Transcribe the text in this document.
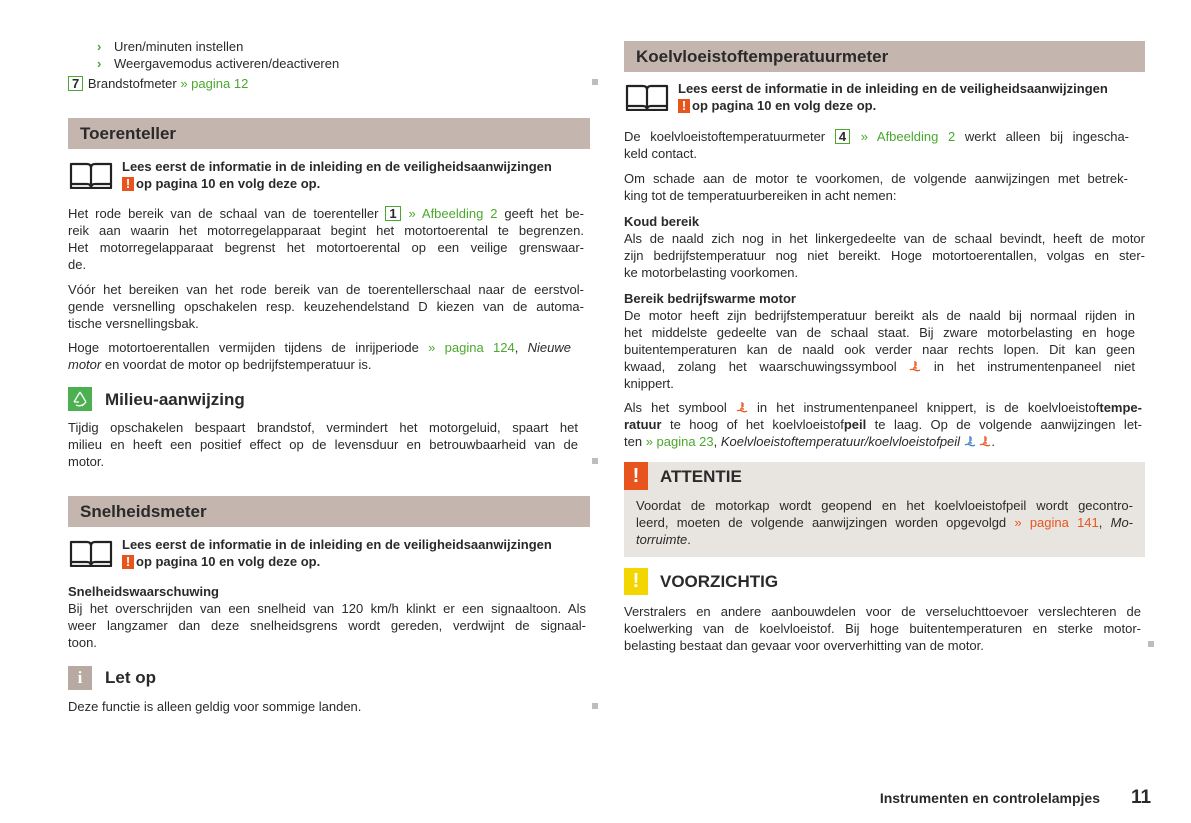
› Uren/minuten instellen
› Weergavemodus activeren/deactiveren
7 Brandstofmeter » pagina 12
Toerenteller
Lees eerst de informatie in de inleiding en de veiligheidsaanwijzingen
! op pagina 10 en volg deze op.
Het rode bereik van de schaal van de toerenteller 1 » Afbeelding 2 geeft het be-
reik aan waarin het motorregelapparaat begint het motortoerental te begrenzen.
Het motorregelapparaat begrenst het motortoerental op een veilige grenswaar-
de.
Vóór het bereiken van het rode bereik van de toerentellerschaal naar de eerstvol-
gende versnelling opschakelen resp. keuzehendelstand D kiezen van de automa-
tische versnellingsbak.
Hoge motortoerentallen vermijden tijdens de inrijperiode » pagina 124, Nieuwe
motor en voordat de motor op bedrijfstemperatuur is.
Milieu-aanwijzing
Tijdig opschakelen bespaart brandstof, vermindert het motorgeluid, spaart het
milieu en heeft een positief effect op de levensduur en betrouwbaarheid van de
motor.
Snelheidsmeter
Lees eerst de informatie in de inleiding en de veiligheidsaanwijzingen
! op pagina 10 en volg deze op.
Snelheidswaarschuwing
Bij het overschrijden van een snelheid van 120 km/h klinkt er een signaaltoon. Als
weer langzamer dan deze snelheidsgrens wordt gereden, verdwijnt de signaal-
toon.
i	Let op
Deze functie is alleen geldig voor sommige landen.
Koelvloeistoftemperatuurmeter
Lees eerst de informatie in de inleiding en de veiligheidsaanwijzingen
! op pagina 10 en volg deze op.
De koelvloeistoftemperatuurmeter 4 » Afbeelding 2 werkt alleen bij ingescha-
keld contact.
Om schade aan de motor te voorkomen, de volgende aanwijzingen met betrek-
king tot de temperatuurbereiken in acht nemen:
Koud bereik
Als de naald zich nog in het linkergedeelte van de schaal bevindt, heeft de motor
zijn bedrijfstemperatuur nog niet bereikt. Hoge motortoerentallen, volgas en ster-
ke motorbelasting voorkomen.
Bereik bedrijfswarme motor
De motor heeft zijn bedrijfstemperatuur bereikt als de naald bij normaal rijden in
het middelste gedeelte van de schaal staat. Bij zware motorbelasting en hoge
buitentemperaturen kan de naald ook verder naar rechts lopen. Dit kan geen
kwaad, zolang het waarschuwingssymbool  in het instrumentenpaneel niet
knippert.
Als het symbool  in het instrumentenpaneel knippert, is de koelvloeistoftempe-
ratuur te hoog of het koelvloeistofpeil te laag. Op de volgende aanwijzingen let-
ten » pagina 23, Koelvloeistoftemperatuur/koelvloeistofpeil .
!	ATTENTIE
Voordat de motorkap wordt geopend en het koelvloeistofpeil wordt gecontro-
leerd, moeten de volgende aanwijzingen worden opgevolgd » pagina 141, Mo-
torruimte.
!	VOORZICHTIG
Verstralers en andere aanbouwdelen voor de verseluchttoevoer verslechteren de
koelwerking van de koelvloeistof. Bij hoge buitentemperaturen en sterke motor-
belasting bestaat dan gevaar voor oververhitting van de motor.
Instrumenten en controlelampjes 11
